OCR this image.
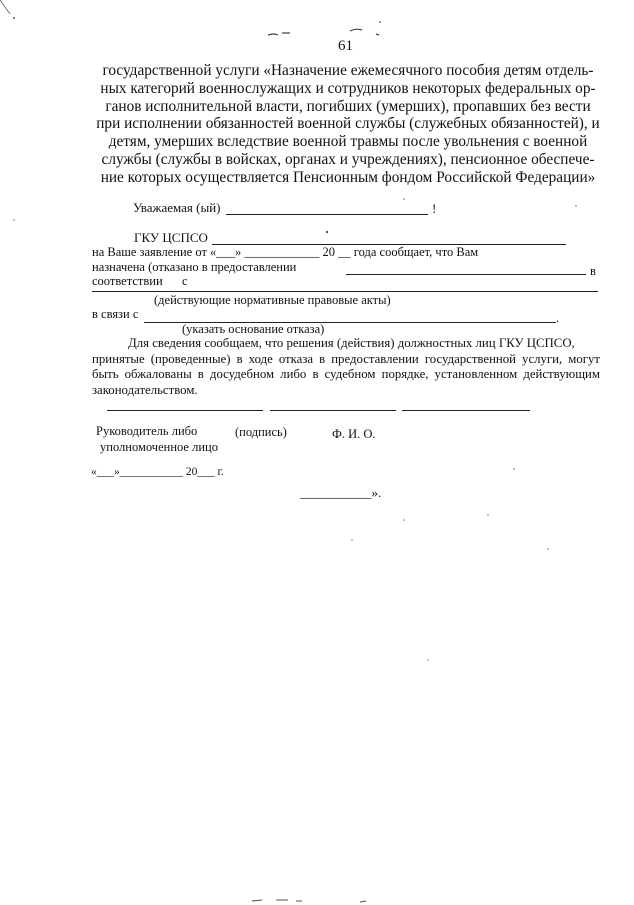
61
государственной услуги «Назначение ежемесячного пособия детям отдель-
ных категорий военнослужащих и сотрудников некоторых федеральных ор-
ганов исполнительной власти, погибших (умерших), пропавших без вести
при исполнении обязанностей военной службы (служебных обязанностей), и
детям, умерших вследствие военной травмы после увольнения с военной
службы (службы в войсках, органах и учреждениях), пенсионное обеспече-
ние которых осуществляется Пенсионным фондом Российской Федерации»
Уважаемая (ый)	!
ГКУ ЦСПСО
на Ваше заявление от «___» ____________ 20 __ года сообщает, что Вам
назначена (отказано в предоставлении	в
соответствии с
(действующие нормативные правовые акты)
в связи с	.
(указать основание отказа)
Для сведения сообщаем, что решения (действия) должностных лиц ГКУ ЦСПСО,
принятые (проведенные) в ходе отказа в предоставлении государственной услуги, могут
быть обжалованы в досудебном либо в судебном порядке, установленном действующим
законодательством.
Руководитель либо
уполномоченное лицо
(подпись)	Ф. И. О.
«___»___________ 20___ г.
___________».
